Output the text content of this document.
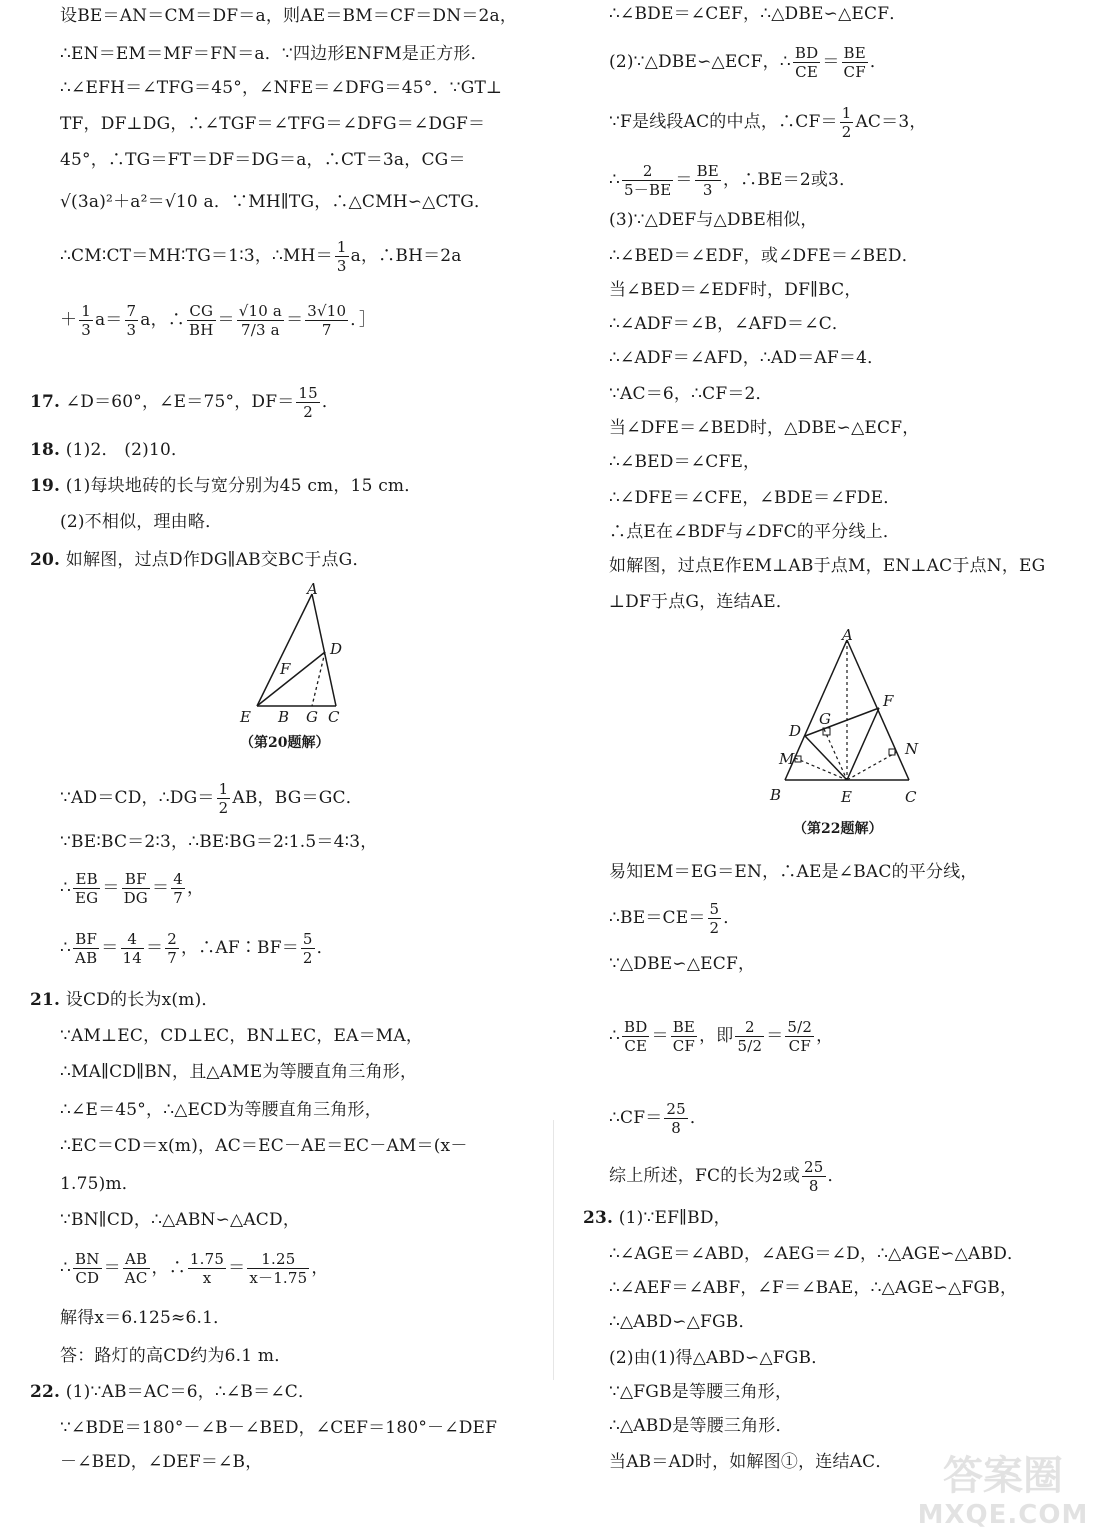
设BE＝AN＝CM＝DF＝a，则AE＝BM＝CF＝DN＝2a，
∴EN＝EM＝MF＝FN＝a．∵四边形ENFM是正方形．
∴∠EFH＝∠TFG＝45°，∠NFE＝∠DFG＝45°．∵GT⊥
TF，DF⊥DG，∴∠TGF＝∠TFG＝∠DFG＝∠DGF＝
45°，∴TG＝FT＝DF＝DG＝a，∴CT＝3a，CG＝
√(3a)²＋a²＝√10 a．∵MH∥TG，∴△CMH∽△CTG．
∴CM∶CT＝MH∶TG＝1∶3，∴MH＝ $\frac{1}{3}$ a，∴BH＝2a
＋ $\frac{1}{3} a= \frac{7}{3}$ a，∴ $\frac{CG}{BH} = \frac{√10 a}{7/3 a} = \frac{3√10}{7}$ ．］
17. ∠D＝60°，∠E＝75°，$DF= \frac{15}{2}$ ．
18. (1)2． (2)10．
19. (1)每块地砖的长与宽分别为45 cm，15 cm．
(2)不相似，理由略．
20. 如解图，过点D作DG∥AB交BC于点G．
A
D
F
E B G C
（第20题解）
∵AD＝CD，∴DG＝ $\frac{1}{2}$ AB，BG＝GC．
∵BE∶BC＝2∶3，∴BE∶BG＝2∶1.5＝4∶3，
∴ $\frac{EB}{EG} = \frac{BF}{DG} = \frac{4}{7}$ ，
∴ $\frac{BF}{AB} = \frac{4}{14} = \frac{2}{7}$ ，∴AF∶BF＝ $\frac{5}{2}$ ．
21. 设CD的长为x(m)．
∵AM⊥EC，CD⊥EC，BN⊥EC，EA＝MA，
∴MA∥CD∥BN，且△AME为等腰直角三角形，
∴∠E＝45°，∴△ECD为等腰直角三角形，
∴EC＝CD＝x(m)，AC＝EC－AE＝EC－AM＝(x－
1.75)m．
∵BN∥CD，∴△ABN∽△ACD，
∴ $\frac{BN}{CD} = \frac{AB}{AC}$ ，∴ $\frac{1.75}{x} = \frac{1.25}{x-1.75}$ ，
解得x＝6.125≈6.1．
答：路灯的高CD约为6.1 m．
22. (1)∵AB＝AC＝6，∴∠B＝∠C．
∵∠BDE＝180°－∠B－∠BED，∠CEF＝180°－∠DEF
－∠BED，∠DEF＝∠B，
∴∠BDE＝∠CEF，∴△DBE∽△ECF．
(2)∵△DBE∽△ECF，∴ $\frac{BD}{CE} = \frac{BE}{CF}$ ．
∵F是线段AC的中点，∴CF＝ $\frac{1}{2} AC=3$，
∴ $\frac{2}{5-BE} = \frac{BE}{3}$ ，∴BE＝2或3．
(3)∵△DEF与△DBE相似，
∴∠BED＝∠EDF，或∠DFE＝∠BED．
当∠BED＝∠EDF时，DF∥BC，
∴∠ADF＝∠B，∠AFD＝∠C．
∴∠ADF＝∠AFD，∴AD＝AF＝4．
∵AC＝6，∴CF＝2．
当∠DFE＝∠BED时，△DBE∽△ECF，
∴∠BED＝∠CFE，
∴∠DFE＝∠CFE，∠BDE＝∠FDE．
∴点E在∠BDF与∠DFC的平分线上．
如解图，过点E作EM⊥AB于点M，EN⊥AC于点N，EG
⊥DF于点G，连结AE．
A
F
G
D
M
N
B	E	C
（第22题解）
易知EM＝EG＝EN，∴AE是∠BAC的平分线，
∴BE＝CE＝ $\frac{5}{2}$ ．
∵△DBE∽△ECF，
∴ $\frac{BD}{CE} = \frac{BE}{CF}$ ，即 $\frac{2}{5/2} = \frac{5/2}{CF}$ ，
∴CF＝ $\frac{25}{8}$ ．
综上所述，FC的长为2或 $\frac{25}{8}$ ．
23. (1)∵EF∥BD，
∴∠AGE＝∠ABD，∠AEG＝∠D，∴△AGE∽△ABD．
∴∠AEF＝∠ABF，∠F＝∠BAE，∴△AGE∽△FGB，
∴△ABD∽△FGB．
(2)由(1)得△ABD∽△FGB．
∵△FGB是等腰三角形，
∴△ABD是等腰三角形．
当AB＝AD时，如解图①，连结AC．	答案圈
MXQE.COM
